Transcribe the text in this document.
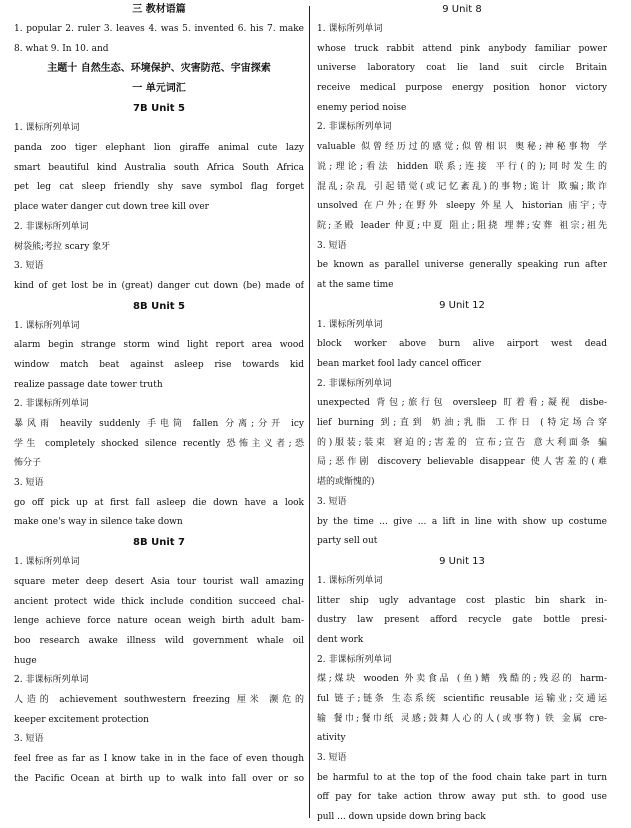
三 教材语篇
1. popular 2. ruler 3. leaves 4. was 5. invented 6. his 7. make
8. what 9. In 10. and
主题十 自然生态、环境保护、灾害防范、宇宙探索
一 单元词汇
7B Unit 5
1. 课标所列单词
panda zoo tiger elephant lion giraffe animal cute lazy
smart beautiful kind Australia south Africa South Africa
pet leg cat sleep friendly shy save symbol flag forget
place water danger cut down tree kill over
2. 非课标所列单词
树袋熊;考拉 scary 象牙
3. 短语
kind of get lost be in (great) danger cut down (be) made of
8B Unit 5
1. 课标所列单词
alarm begin strange storm wind light report area wood
window match beat against asleep rise towards kid
realize passage date tower truth
2. 非课标所列单词
暴风雨 heavily suddenly 手电筒 fallen 分离;分开 icy
学生 completely shocked silence recently 恐怖主义者;恐
怖分子
3. 短语
go off pick up at first fall asleep die down have a look
make one's way in silence take down
8B Unit 7
1. 课标所列单词
square meter deep desert Asia tour tourist wall amazing
ancient protect wide thick include condition succeed chal-
lenge achieve force nature ocean weigh birth adult bam-
boo research awake illness wild government whale oil
huge
2. 非课标所列单词
人造的 achievement southwestern freezing 厘米 濒危的
keeper excitement protection
3. 短语
feel free as far as I know take in in the face of even though
the Pacific Ocean at birth up to walk into fall over or so
9 Unit 8
1. 课标所列单词
whose truck rabbit attend pink anybody familiar power
universe laboratory coat lie land suit circle Britain
receive medical purpose energy position honor victory
enemy period noise
2. 非课标所列单词
valuable 似曾经历过的感觉;似曾相识 奥秘;神秘事物 学
说;理论;看法 hidden 联系;连接 平行(的);同时发生的
混乱;杂乱 引起错觉(或记忆紊乱)的事物;诡计 欺骗;欺诈
unsolved 在户外;在野外 sleepy 外星人 historian 庙宇;寺
院;圣殿 leader 仲夏;中夏 阻止;阻挠 埋葬;安葬 祖宗;祖先
3. 短语
be known as parallel universe generally speaking run after
at the same time
9 Unit 12
1. 课标所列单词
block worker above burn alive airport west dead
bean market fool lady cancel officer
2. 非课标所列单词
unexpected 背包;旅行包 oversleep 盯着看;凝视 disbe-
lief burning 到;直到 奶油;乳脂 工作日 (特定场合穿
的)服装;装束 窘迫的;害羞的 宣布;宣告 意大利面条 骗
局;恶作剧 discovery believable disappear 使人害羞的(难
堪的或惭愧的)
3. 短语
by the time ... give ... a lift in line with show up costume
party sell out
9 Unit 13
1. 课标所列单词
litter ship ugly advantage cost plastic bin shark in-
dustry law present afford recycle gate bottle presi-
dent work
2. 非课标所列单词
煤;煤块 wooden 外卖食品 (鱼)鳍 残酷的;残忍的 harm-
ful 链子;链条 生态系统 scientific reusable 运输业;交通运
输 餐巾;餐巾纸 灵感;鼓舞人心的人(或事物) 铁 金属 cre-
ativity
3. 短语
be harmful to at the top of the food chain take part in turn
off pay for take action throw away put sth. to good use
pull ... down upside down bring back
